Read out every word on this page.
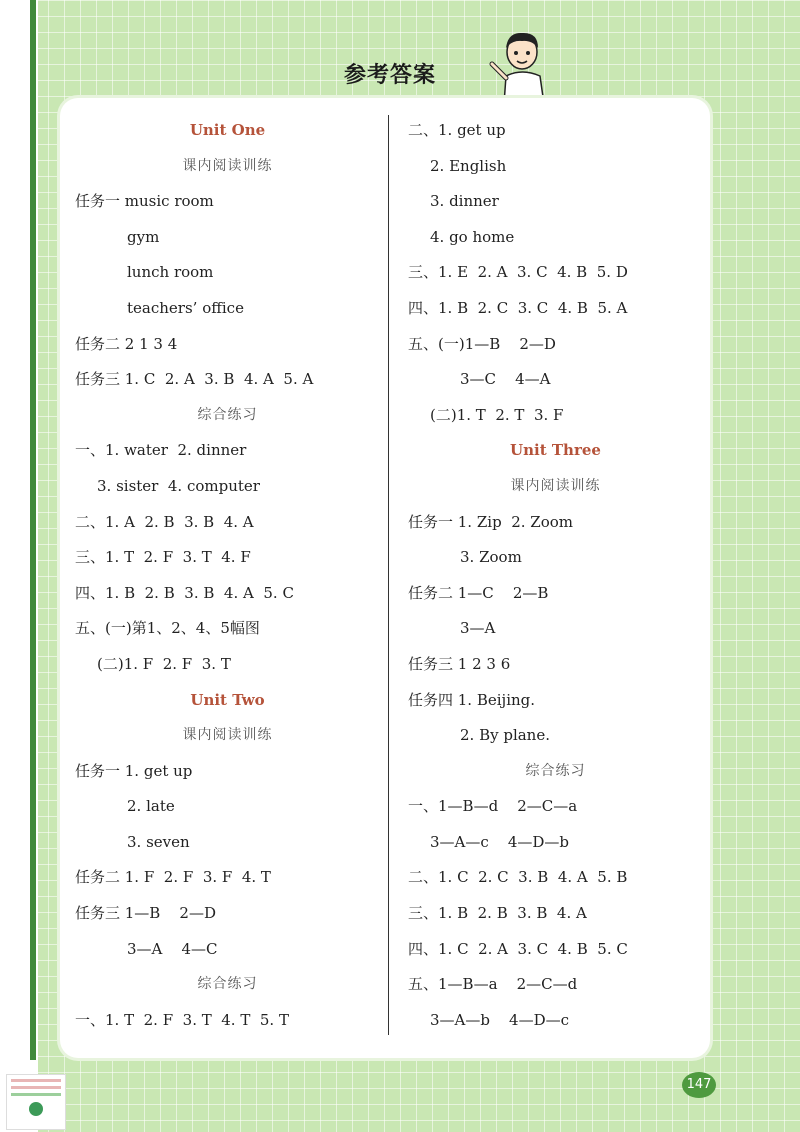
参考答案
Unit One
课内阅读训练
任务一 music room
gym
lunch room
teachers’ office
任务二 2 1 3 4
任务三 1. C  2. A  3. B  4. A  5. A
综合练习
一、1. water  2. dinner
3. sister  4. computer
二、1. A  2. B  3. B  4. A
三、1. T  2. F  3. T  4. F
四、1. B  2. B  3. B  4. A  5. C
五、(一)第1、2、4、5幅图
(二)1. F  2. F  3. T
Unit Two
课内阅读训练
任务一 1. get up
2. late
3. seven
任务二 1. F  2. F  3. F  4. T
任务三 1—B    2—D
3—A    4—C
综合练习
一、1. T  2. F  3. T  4. T  5. T
二、1. get up
2. English
3. dinner
4. go home
三、1. E  2. A  3. C  4. B  5. D
四、1. B  2. C  3. C  4. B  5. A
五、(一)1—B    2—D
3—C    4—A
(二)1. T  2. T  3. F
Unit Three
课内阅读训练
任务一 1. Zip  2. Zoom
3. Zoom
任务二 1—C    2—B
3—A
任务三 1 2 3 6
任务四 1. Beijing.
2. By plane.
综合练习
一、1—B—d    2—C—a
3—A—c    4—D—b
二、1. C  2. C  3. B  4. A  5. B
三、1. B  2. B  3. B  4. A
四、1. C  2. A  3. C  4. B  5. C
五、1—B—a    2—C—d
3—A—b    4—D—c
147
